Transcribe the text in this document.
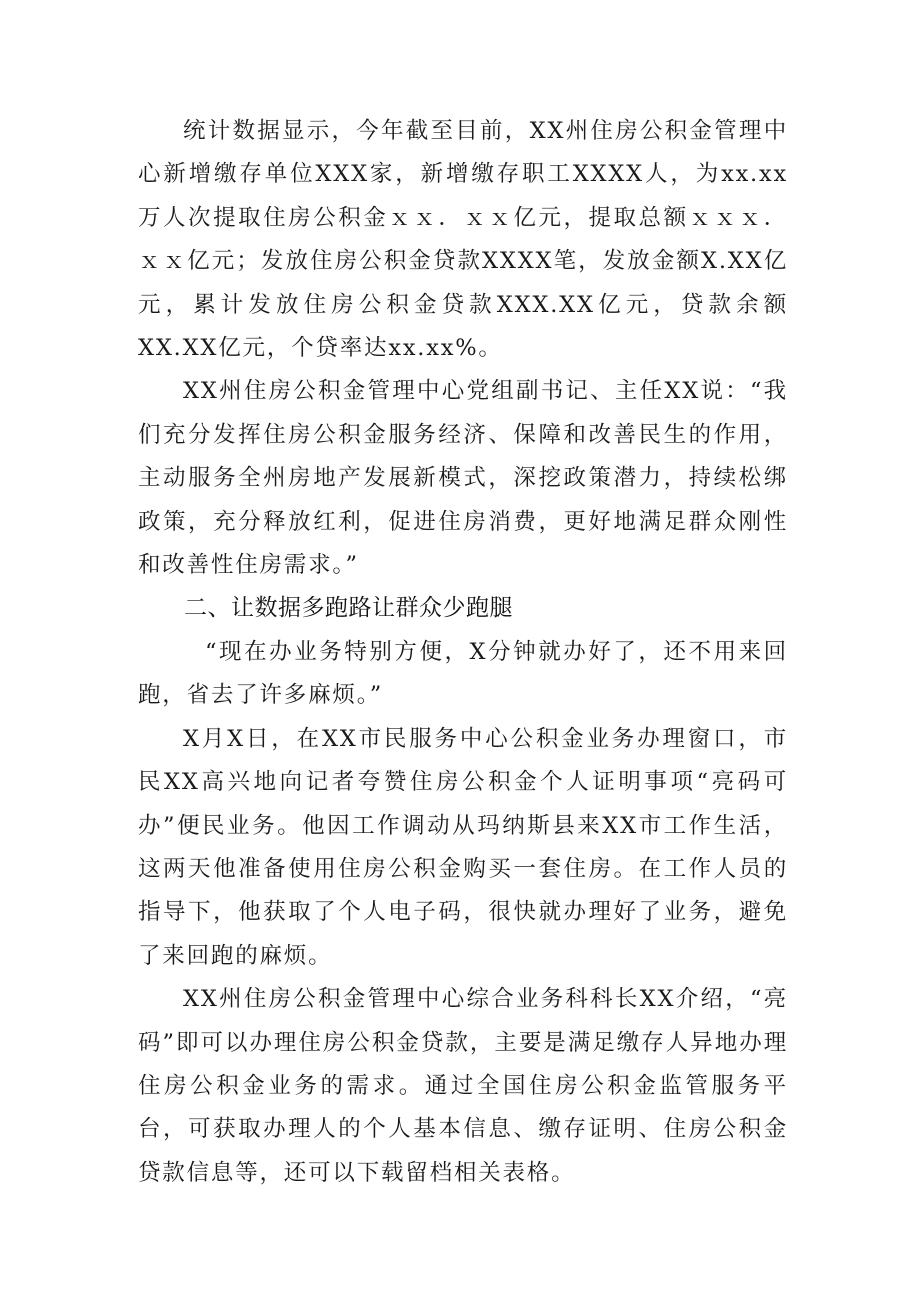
统计数据显示，今年截至目前，XX州住房公积金管理中心新增缴存单位XXX家，新增缴存职工XXXX人，为xx.xx万人次提取住房公积金ｘｘ．ｘｘ亿元，提取总额ｘｘｘ．ｘｘ亿元；发放住房公积金贷款XXXX笔，发放金额X.XX亿元，累计发放住房公积金贷款XXX.XX亿元，贷款余额XX.XX亿元，个贷率达xx.xx%。

XX州住房公积金管理中心党组副书记、主任XX说：“我们充分发挥住房公积金服务经济、保障和改善民生的作用，主动服务全州房地产发展新模式，深挖政策潜力，持续松绑政策，充分释放红利，促进住房消费，更好地满足群众刚性和改善性住房需求。”

二、让数据多跑路让群众少跑腿

“现在办业务特别方便，X分钟就办好了，还不用来回跑，省去了许多麻烦。”

X月X日，在XX市民服务中心公积金业务办理窗口，市民XX高兴地向记者夸赞住房公积金个人证明事项“亮码可办”便民业务。他因工作调动从玛纳斯县来XX市工作生活，这两天他准备使用住房公积金购买一套住房。在工作人员的指导下，他获取了个人电子码，很快就办理好了业务，避免了来回跑的麻烦。

XX州住房公积金管理中心综合业务科科长XX介绍，“亮码”即可以办理住房公积金贷款，主要是满足缴存人异地办理住房公积金业务的需求。通过全国住房公积金监管服务平台，可获取办理人的个人基本信息、缴存证明、住房公积金贷款信息等，还可以下载留档相关表格。
